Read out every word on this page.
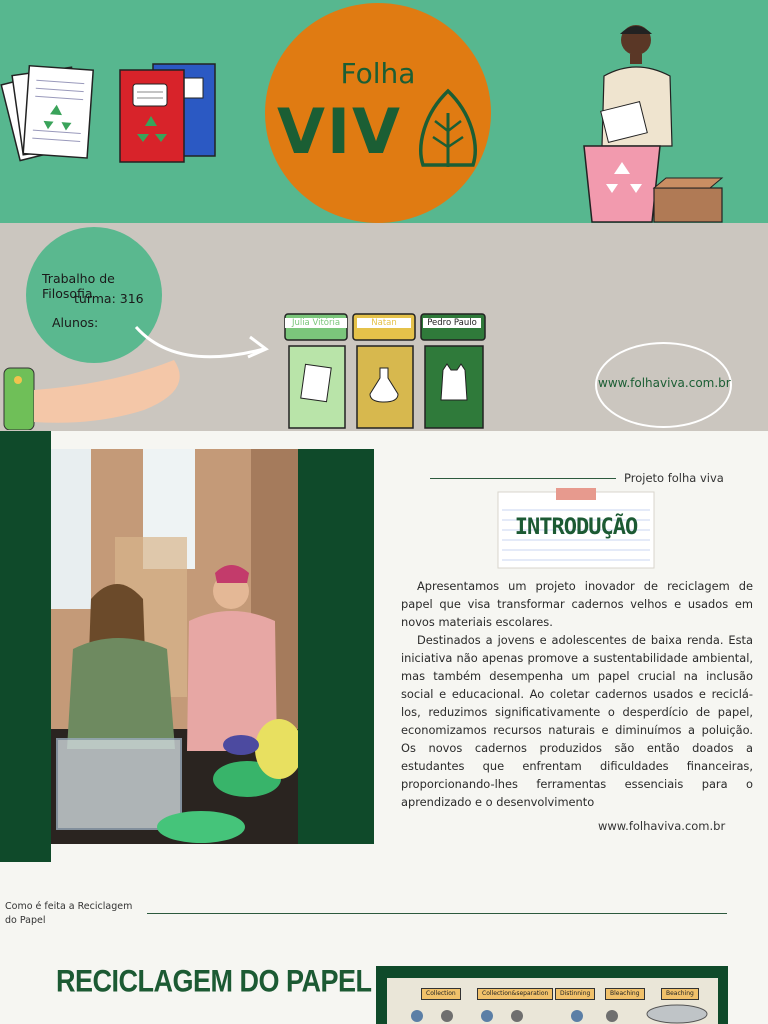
Folha
VIV
Trabalho de Filosofia
turma: 316
Alunos:	Julia Vitória	Natan	Pedro Paulo
www.folhaviva.com.br
Projeto folha viva
INTRODUÇÃO

Apresentamos um projeto inovador de reciclagem de papel que visa transformar cadernos velhos e usados em novos materiais escolares.

Destinados a jovens e adolescentes de baixa renda. Esta iniciativa não apenas promove a sustentabilidade ambiental, mas também desempenha um papel crucial na inclusão social e educacional. Ao coletar cadernos usados e reciclá-los, reduzimos significativamente o desperdício de papel, economizamos recursos naturais e diminuímos a poluição. Os novos cadernos produzidos são então doados a estudantes que enfrentam dificuldades financeiras, proporcionando-lhes ferramentas essenciais para o aprendizado e o desenvolvimento

www.folhaviva.com.br
Como é feita a Reciclagem do Papel
RECICLAGEM DO PAPEL	Collection	Collection&separation	Distinning	Bleaching	Beaching
